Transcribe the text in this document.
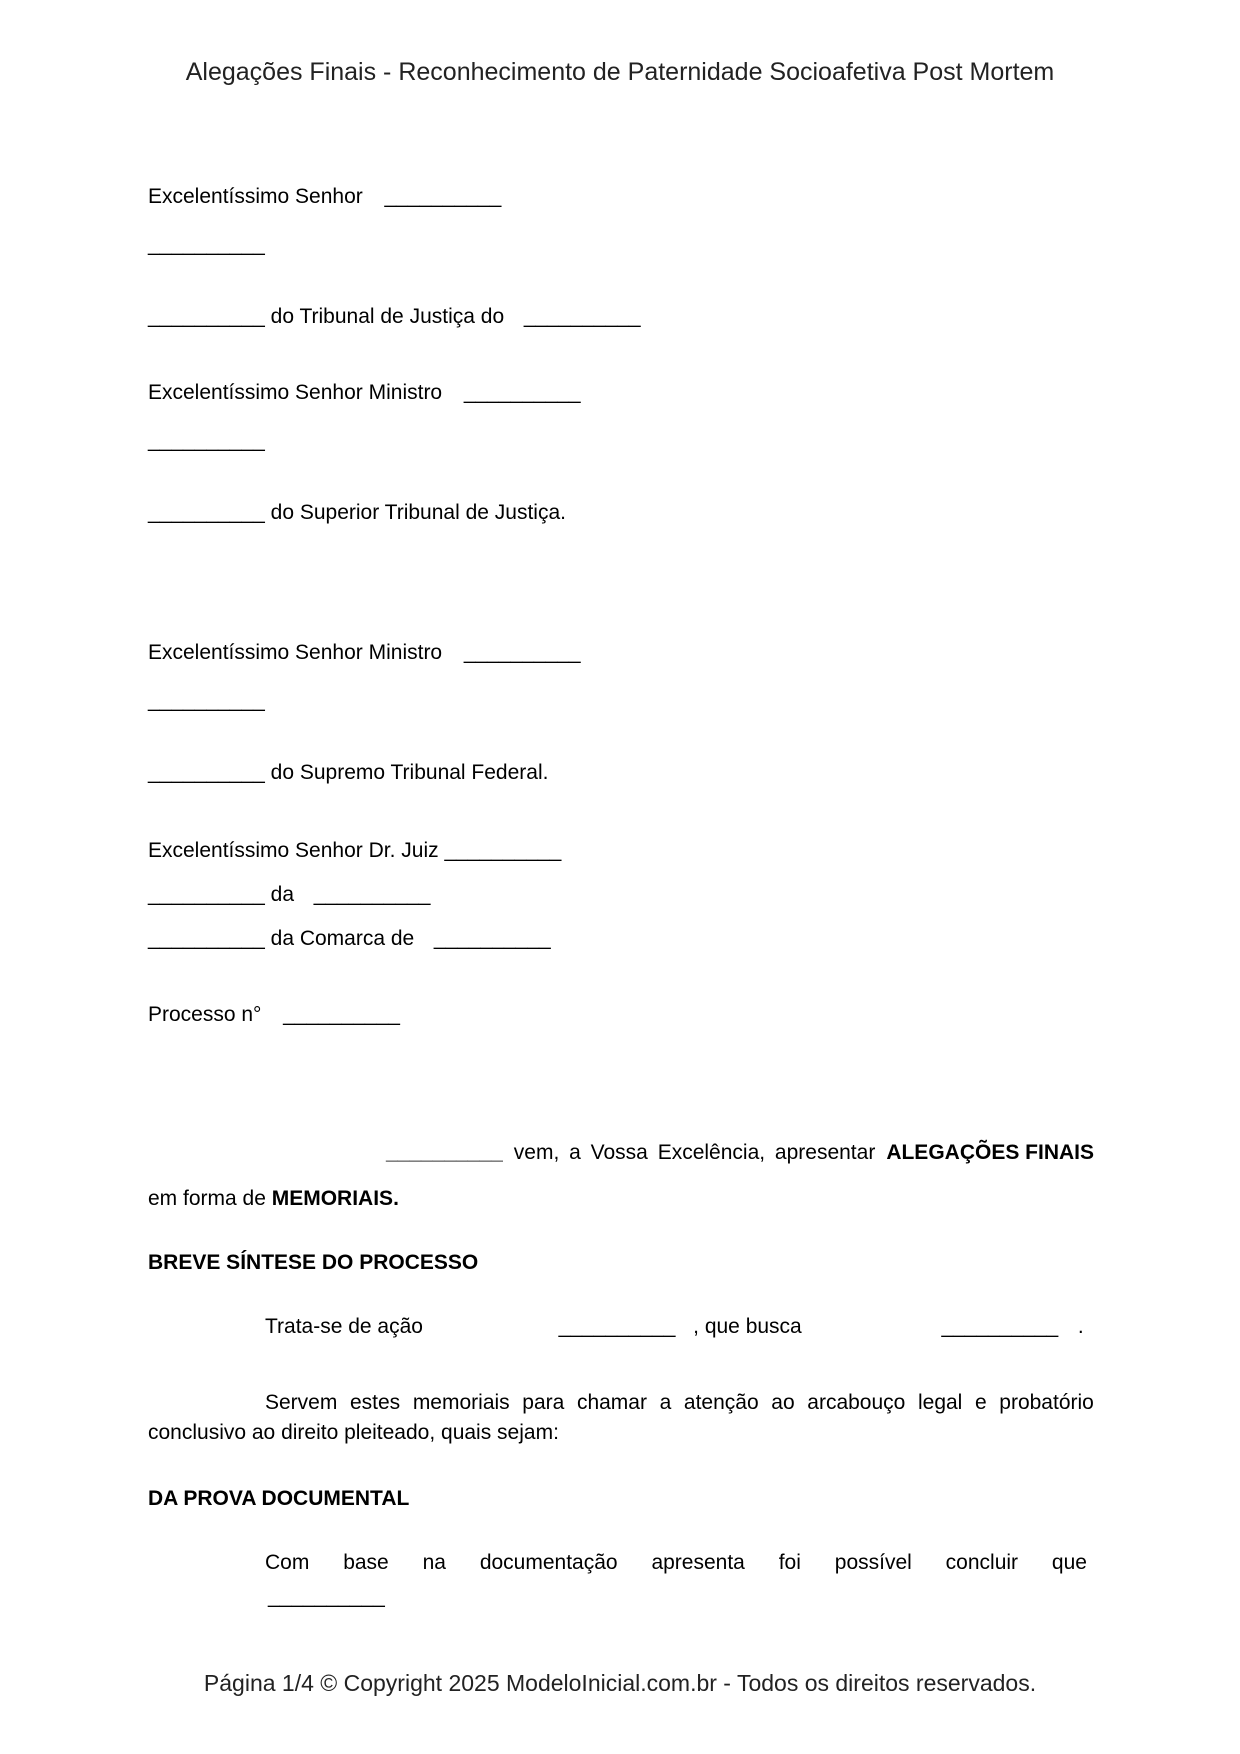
Alegações Finais - Reconhecimento de Paternidade Socioafetiva Post Mortem
Excelentíssimo Senhor __________
__________
__________ do Tribunal de Justiça do __________
Excelentíssimo Senhor Ministro __________
__________
__________ do Superior Tribunal de Justiça.
Excelentíssimo Senhor Ministro __________
__________
__________ do Supremo Tribunal Federal.
Excelentíssimo Senhor Dr. Juiz __________
__________ da __________
__________ da Comarca de __________
Processo n° __________
__________ vem, a Vossa Excelência, apresentar ALEGAÇÕES FINAIS
em forma de MEMORIAIS.
BREVE SÍNTESE DO PROCESSO
Trata-se de ação	__________ , que busca	__________ .
Servem estes memoriais para chamar a atenção ao arcabouço legal e probatório
conclusivo ao direito pleiteado, quais sejam:
DA PROVA DOCUMENTAL
Com base na documentação apresenta foi possível concluir que
__________
Página 1/4 © Copyright 2025 ModeloInicial.com.br - Todos os direitos reservados.
